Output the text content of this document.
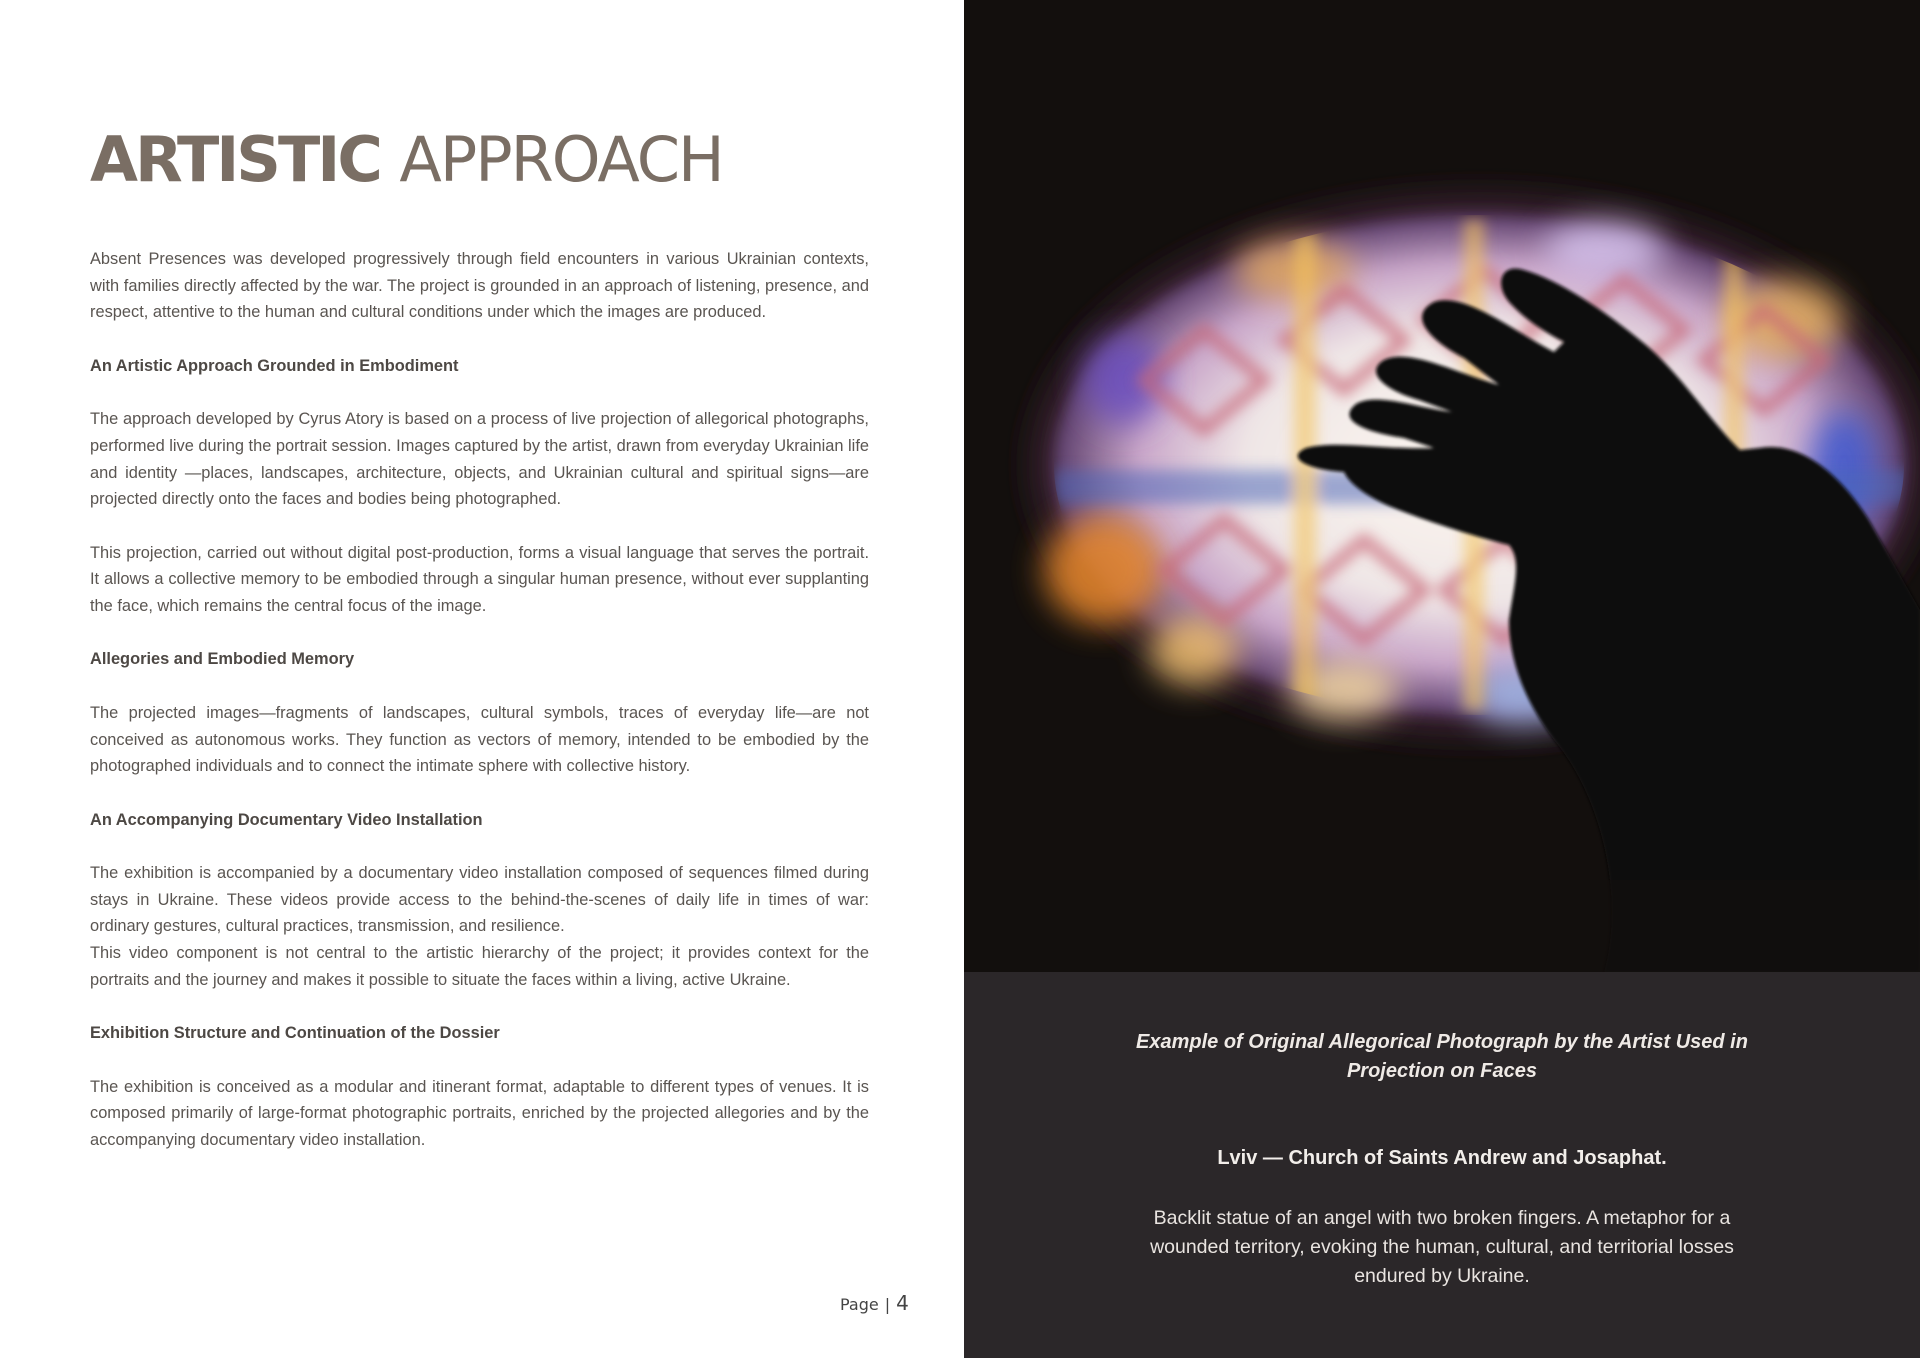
ARTISTIC APPROACH

Absent Presences was developed progressively through field encounters in various Ukrainian contexts, with families directly affected by the war. The project is grounded in an approach of listening, presence, and respect, attentive to the human and cultural conditions under which the images are produced.

An Artistic Approach Grounded in Embodiment

The approach developed by Cyrus Atory is based on a process of live projection of allegorical photographs, performed live during the portrait session. Images captured by the artist, drawn from everyday Ukrainian life and identity —places, landscapes, architecture, objects, and Ukrainian cultural and spiritual signs—are projected directly onto the faces and bodies being photographed.

This projection, carried out without digital post-production, forms a visual language that serves the portrait. It allows a collective memory to be embodied through a singular human presence, without ever supplanting the face, which remains the central focus of the image.

Allegories and Embodied Memory

The projected images—fragments of landscapes, cultural symbols, traces of everyday life—are not conceived as autonomous works. They function as vectors of memory, intended to be embodied by the photographed individuals and to connect the intimate sphere with collective history.

An Accompanying Documentary Video Installation

The exhibition is accompanied by a documentary video installation composed of sequences filmed during stays in Ukraine. These videos provide access to the behind-the-scenes of daily life in times of war: ordinary gestures, cultural practices, transmission, and resilience.

This video component is not central to the artistic hierarchy of the project; it provides context for the portraits and the journey and makes it possible to situate the faces within a living, active Ukraine.

Exhibition Structure and Continuation of the Dossier

The exhibition is conceived as a modular and itinerant format, adaptable to different types of venues. It is composed primarily of large-format photographic portraits, enriched by the projected allegories and by the accompanying documentary video installation.

Page | 4
Example of Original Allegorical Photograph by the Artist Used in Projection on Faces
Lviv — Church of Saints Andrew and Josaphat.
Backlit statue of an angel with two broken fingers. A metaphor for a wounded territory, evoking the human, cultural, and territorial losses endured by Ukraine.
